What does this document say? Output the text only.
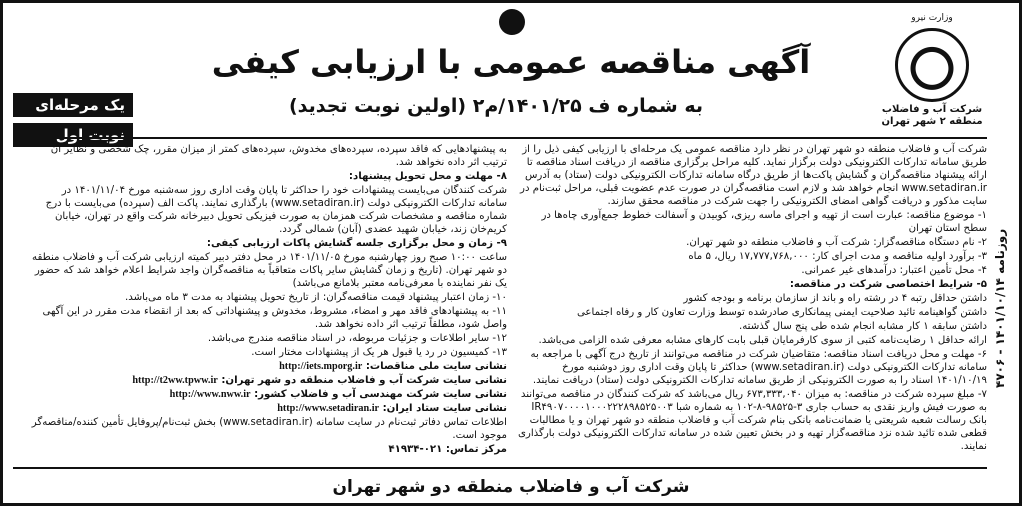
وزارت نیرو
شرکت آب و فاضلاب
منطقه ۲ شهر تهران
آگهی مناقصه عمومی با ارزیابی کیفی
به شماره ف ۱۴۰۱/۲۵/م۲ (اولین نوبت تجدید)
یک مرحله‌ای
نوبت اول
روزنامه ۱۴۰۱/۱۰/۱۴ - ۴۷۰۶

شرکت آب و فاضلاب منطقه دو شهر تهران در نظر دارد مناقصه عمومی یک مرحله‌ای با ارزیابی کیفی ذیل را از طریق سامانه تدارکات الکترونیکی دولت برگزار نماید. کلیه مراحل برگزاری مناقصه از دریافت اسناد مناقصه تا ارائه پیشنهاد مناقصه‌گران و گشایش پاکت‌ها از طریق درگاه سامانه تدارکات الکترونیکی دولت (ستاد) به آدرس www.setadiran.ir انجام خواهد شد و لازم است مناقصه‌گران در صورت عدم عضویت قبلی، مراحل ثبت‌نام در سایت مذکور و دریافت گواهی امضای الکترونیکی را جهت شرکت در مناقصه محقق سازند.

۱- موضوع مناقصه: عبارت است از تهیه و اجرای ماسه ریزی، کوبیدن و آسفالت خطوط جمع‌آوری چاه‌ها در سطح استان تهران

۲- نام دستگاه مناقصه‌گزار: شرکت آب و فاضلاب منطقه دو شهر تهران.

۳- برآورد اولیه مناقصه و مدت اجرای کار: ۱۷,۷۷۷,۷۶۸,۰۰۰ ریال، ۵ ماه

۴- محل تأمین اعتبار: درآمدهای غیر عمرانی.

۵- شرایط اختصاصی شرکت در مناقصه:

داشتن حداقل رتبه ۴ در رشته راه و باند از سازمان برنامه و بودجه کشور

داشتن گواهینامه تائید صلاحیت ایمنی پیمانکاری صادرشده توسط وزارت تعاون کار و رفاه اجتماعی

داشتن سابقه ۱ کار مشابه انجام شده طی پنج سال گذشته.

ارائه حداقل ۱ رضایت‌نامه کتبی از سوی کارفرمایان قبلی بابت کارهای مشابه معرفی شده الزامی می‌باشد.

۶- مهلت و محل دریافت اسناد مناقصه: متقاضیان شرکت در مناقصه می‌توانند از تاریخ درج آگهی با مراجعه به سامانه تدارکات الکترونیکی دولت (www.setadiran.ir) حداکثر تا پایان وقت اداری روز دوشنبه مورخ ۱۴۰۱/۱۰/۱۹ اسناد را به صورت الکترونیکی از طریق سامانه تدارکات الکترونیکی دولت (ستاد) دریافت نمایند.

۷- مبلغ سپرده شرکت در مناقصه: به میزان ۶۷۳,۳۳۳,۰۴۰ ریال می‌باشد که شرکت کنندگان در مناقصه می‌توانند به صورت فیش واریز نقدی به حساب جاری ۳-۹۸۵۲۵-۸-۱۰۲ به شماره شبا IR۴۹۰۷۰۰۰۰۱۰۰۰۲۲۲۸۹۸۵۲۵۰۰۳ بانک رسالت شعبه شریعتی یا ضمانت‌نامه بانکی بنام شرکت آب و فاضلاب منطقه دو شهر تهران و یا مطالبات قطعی شده تائید شده نزد مناقصه‌گزار تهیه و در بخش تعیین شده در سامانه تدارکات الکترونیکی دولت بارگذاری نمایند.

به پیشنهادهایی که فاقد سپرده، سپرده‌های مخدوش، سپرده‌های کمتر از میزان مقرر، چک شخصی و نظایر آن ترتیب اثر داده نخواهد شد.

۸- مهلت و محل تحویل پیشنهاد:

شرکت کنندگان می‌بایست پیشنهادات خود را حداکثر تا پایان وقت اداری روز سه‌شنبه مورخ ۱۴۰۱/۱۱/۰۴ در سامانه تدارکات الکترونیکی دولت (www.setadiran.ir) بارگذاری نمایند. پاکت الف (سپرده) می‌بایست با درج شماره مناقصه و مشخصات شرکت همزمان به صورت فیزیکی تحویل دبیرخانه شرکت واقع در تهران، خیابان کریم‌خان زند، خیابان شهید عضدی (آبان) شمالی گردد.

۹- زمان و محل برگزاری جلسه گشایش پاکات ارزیابی کیفی:

ساعت ۱۰:۰۰ صبح روز چهارشنبه مورخ ۱۴۰۱/۱۱/۰۵ در محل دفتر دبیر کمیته ارزیابی شرکت آب و فاضلاب منطقه دو شهر تهران. (تاریخ و زمان گشایش سایر پاکات متعاقباً به مناقصه‌گران واجد شرایط اعلام خواهد شد که حضور یک نفر نماینده با معرفی‌نامه معتبر بلامانع می‌باشد)

۱۰- زمان اعتبار پیشنهاد قیمت مناقصه‌گران: از تاریخ تحویل پیشنهاد به مدت ۳ ماه می‌باشد.

۱۱- به پیشنهادهای فاقد مهر و امضاء، مشروط، مخدوش و پیشنهاداتی که بعد از انقضاء مدت مقرر در این آگهی واصل شود، مطلقاً ترتیب اثر داده نخواهد شد.

۱۲- سایر اطلاعات و جزئیات مربوطه، در اسناد مناقصه مندرج می‌باشد.

۱۳- کمیسیون در رد یا قبول هر یک از پیشنهادات مختار است.

نشانی سایت ملی مناقصات: http://iets.mporg.ir

نشانی سایت شرکت آب و فاضلاب منطقه دو شهر تهران: http://t2ww.tpww.ir

نشانی سایت شرکت مهندسی آب و فاضلاب کشور: http://www.nww.ir

نشانی سایت ستاد ایران: http://www.setadiran.ir

اطلاعات تماس دفاتر ثبت‌نام در سایت سامانه (www.setadiran.ir) بخش ثبت‌نام/پروفایل تأمین کننده/مناقصه‌گر موجود است.

مرکز تماس: ۰۲۱-۴۱۹۳۴

شرکت آب و فاضلاب منطقه دو شهر تهران
